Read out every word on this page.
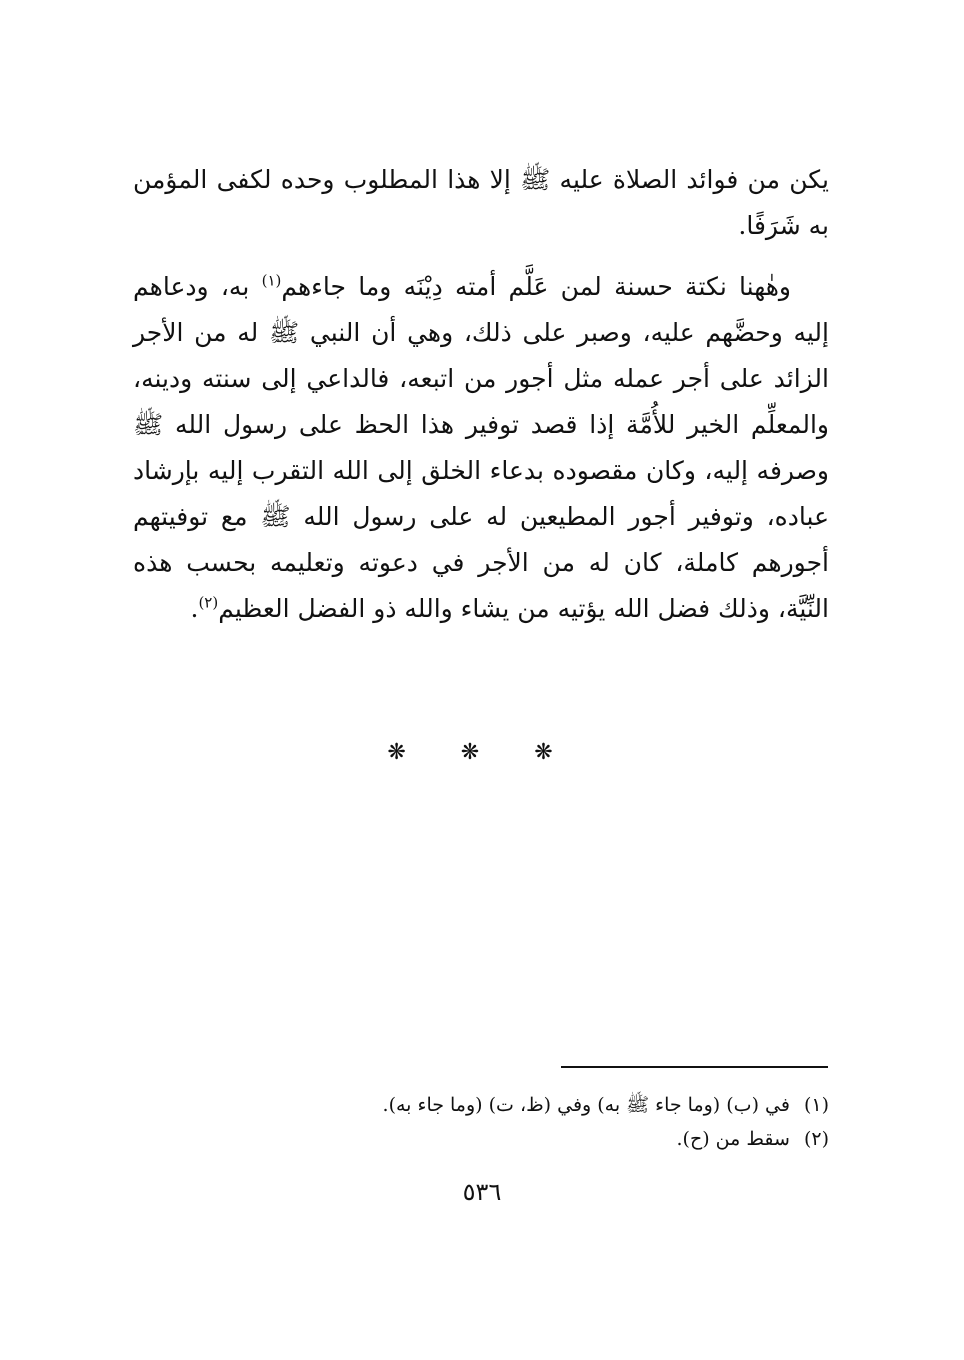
يكن من فوائد الصلاة عليه ﷺ إلا هذا المطلوب وحده لكفى المؤمن به شَرَفًا.

وهٰهنا نكتة حسنة لمن عَلَّم أمته دِيْنَه وما جاءهم$^{(١)}$ به، ودعاهم إليه وحضَّهم عليه، وصبر على ذلك، وهي أن النبي ﷺ له من الأجر الزائد على أجر عمله مثل أجور من اتبعه، فالداعي إلى سنته ودينه، والمعلِّم الخير للأُمَّة إذا قصد توفير هذا الحظ على رسول الله ﷺ وصرفه إليه، وكان مقصوده بدعاء الخلق إلى الله التقرب إليه بإرشاد عباده، وتوفير أجور المطيعين له على رسول الله ﷺ مع توفيتهم أجورهم كاملة، كان له من الأجر في دعوته وتعليمه بحسب هذه النِّيَّة، وذلك فضل الله يؤتيه من يشاء والله ذو الفضل العظيم$^{(٢)}$.

❋ ❋ ❋
(١)في (ب) (وما جاء ﷺ به) وفي (ظ، ت) (وما جاء به).
(٢)سقط من (ح).
٥٣٦
